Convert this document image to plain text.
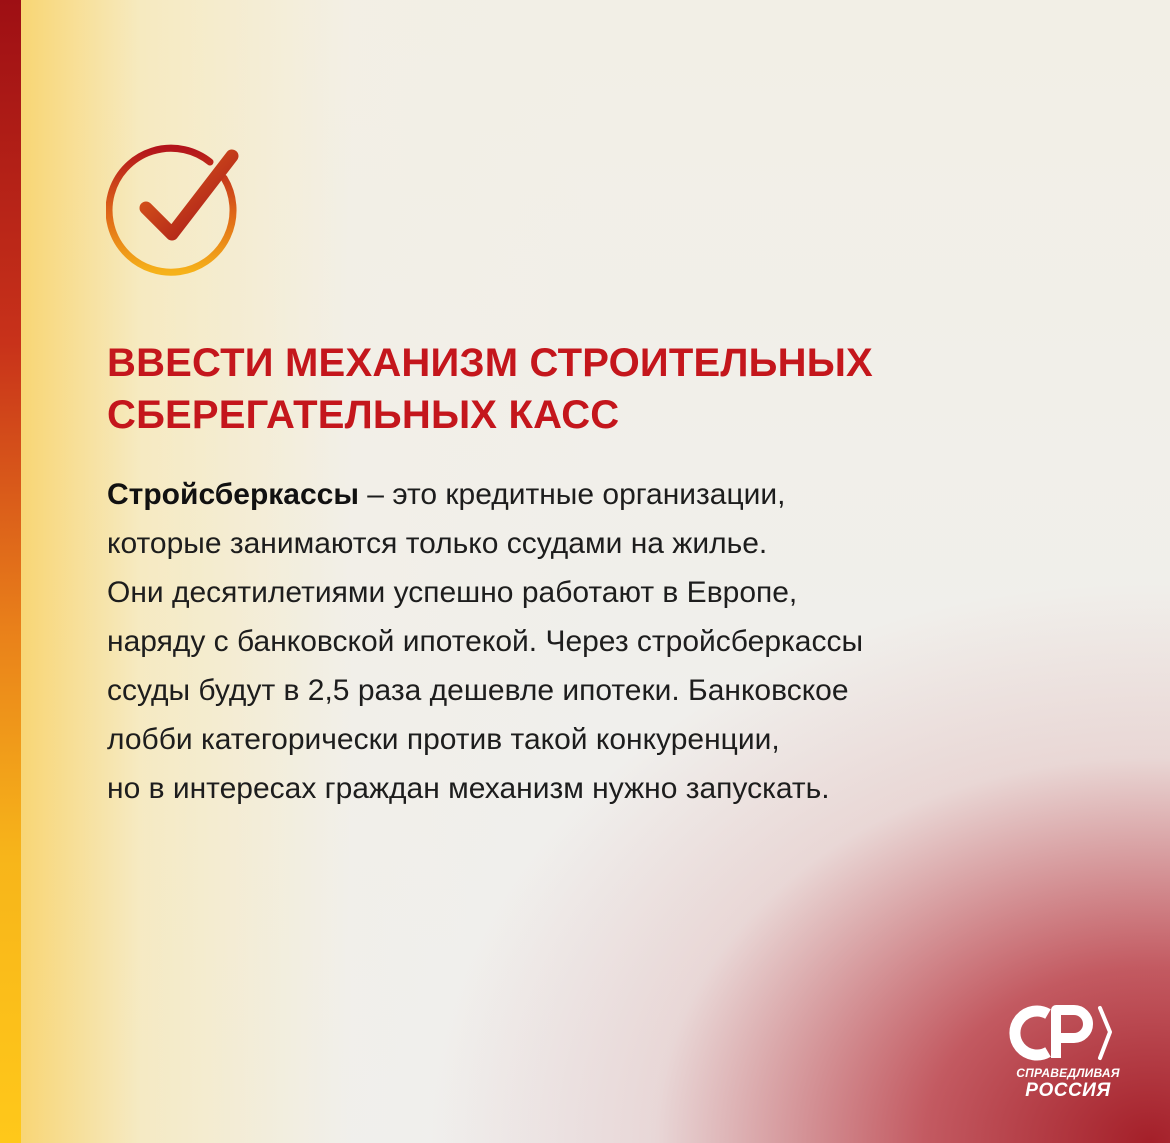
ВВЕСТИ МЕХАНИЗМ СТРОИТЕЛЬНЫХ
СБЕРЕГАТЕЛЬНЫХ КАСС
Стройсберкассы – это кредитные организации,
которые занимаются только ссудами на жилье.
Они десятилетиями успешно работают в Европе,
наряду с банковской ипотекой. Через стройсберкассы
ссуды будут в 2,5 раза дешевле ипотеки. Банковское
лобби категорически против такой конкуренции,
но в интересах граждан механизм нужно запускать.
СПРАВЕДЛИВАЯ
РОССИЯ
